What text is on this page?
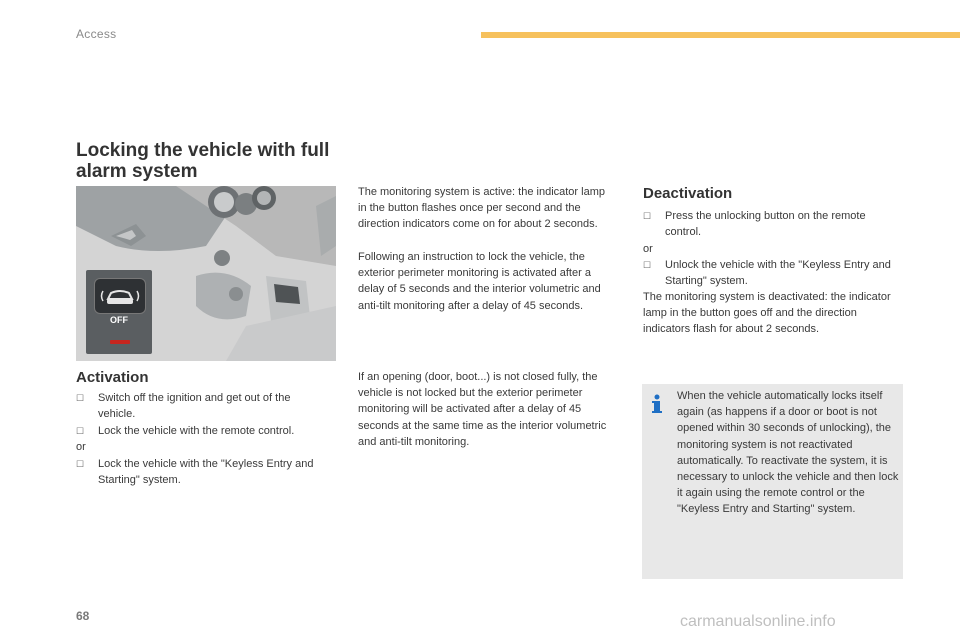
Access
Locking the vehicle with full alarm system
OFF
Activation
☐	Switch off the ignition and get out of the vehicle.
☐	Lock the vehicle with the remote control.
or
☐	Lock the vehicle with the "Keyless Entry and Starting" system.
The monitoring system is active: the indicator lamp in the button flashes once per second and the direction indicators come on for about 2 seconds.
Following an instruction to lock the vehicle, the exterior perimeter monitoring is activated after a delay of 5 seconds and the interior volumetric and anti-tilt monitoring after a delay of 45 seconds.
If an opening (door, boot...) is not closed fully, the vehicle is not locked but the exterior perimeter monitoring will be activated after a delay of 45 seconds at the same time as the interior volumetric and anti-tilt monitoring.
Deactivation
☐	Press the unlocking button on the remote control.
or
☐	Unlock the vehicle with the "Keyless Entry and Starting" system.
The monitoring system is deactivated: the indicator lamp in the button goes off and the direction indicators flash for about 2 seconds.
When the vehicle automatically locks itself again (as happens if a door or boot is not opened within 30 seconds of unlocking), the monitoring system is not reactivated automatically. To reactivate the system, it is necessary to unlock the vehicle and then lock it again using the remote control or the "Keyless Entry and Starting" system.
68	carmanualsonline.info
